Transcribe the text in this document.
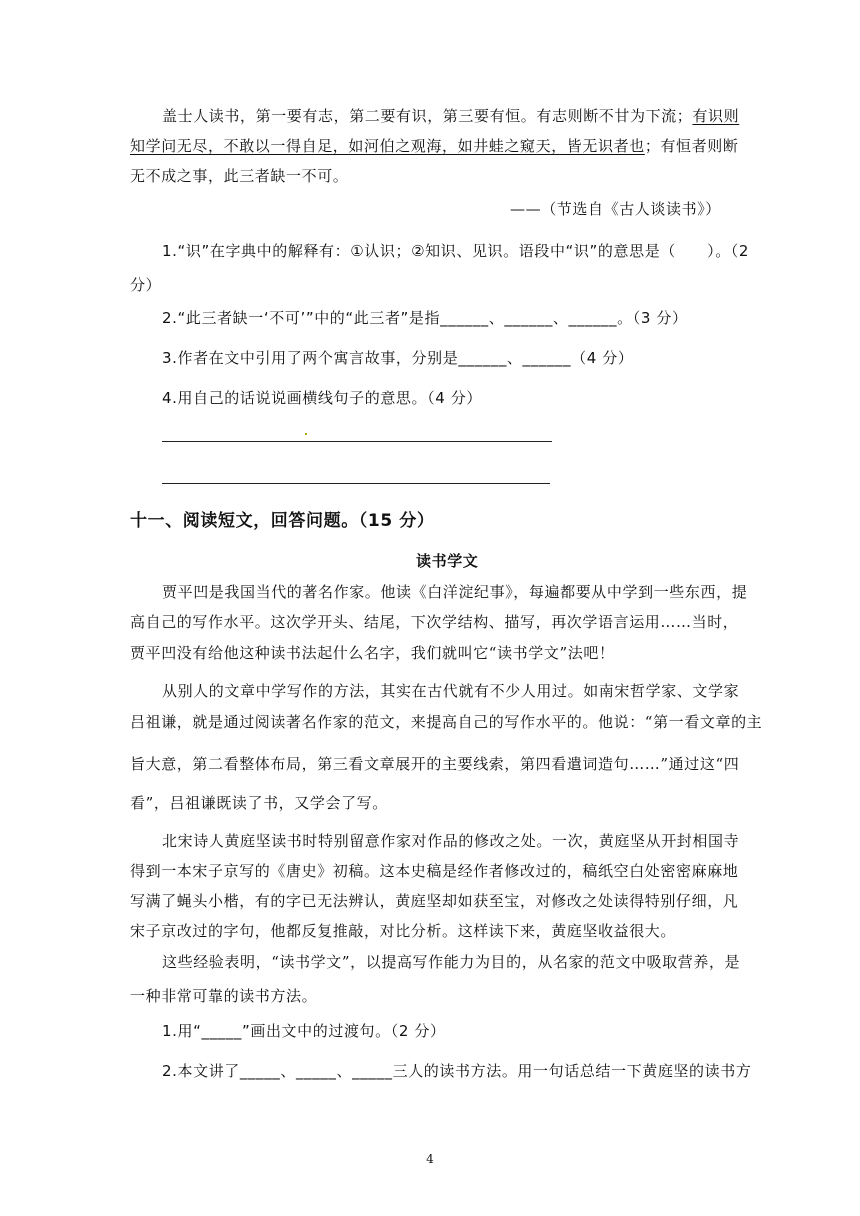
盖士人读书，第一要有志，第二要有识，第三要有恒。有志则断不甘为下流；有识则
知学问无尽，不敢以一得自足，如河伯之观海，如井蛙之窥天，皆无识者也；有恒者则断
无不成之事，此三者缺一不可。
——（节选自《古人谈读书》）
1.“识”在字典中的解释有：①认识；②知识、见识。语段中“识”的意思是（　　）。（2
分）
2.“此三者缺一‘不可’”中的“此三者”是指______、______、______。（3 分）
3.作者在文中引用了两个寓言故事，分别是______、______（4 分）
4.用自己的话说说画横线句子的意思。（4 分）
十一、阅读短文，回答问题。（15 分）
读书学文
贾平凹是我国当代的著名作家。他读《白洋淀纪事》，每遍都要从中学到一些东西，提
高自己的写作水平。这次学开头、结尾，下次学结构、描写，再次学语言运用……当时，
贾平凹没有给他这种读书法起什么名字，我们就叫它“读书学文”法吧！
从别人的文章中学写作的方法，其实在古代就有不少人用过。如南宋哲学家、文学家
吕祖谦，就是通过阅读著名作家的范文，来提高自己的写作水平的。他说：“第一看文章的主
旨大意，第二看整体布局，第三看文章展开的主要线索，第四看遣词造句……”通过这“四
看”，吕祖谦既读了书，又学会了写。
北宋诗人黄庭坚读书时特别留意作家对作品的修改之处。一次，黄庭坚从开封相国寺
得到一本宋子京写的《唐史》初稿。这本史稿是经作者修改过的，稿纸空白处密密麻麻地
写满了蝇头小楷，有的字已无法辨认，黄庭坚却如获至宝，对修改之处读得特别仔细，凡
宋子京改过的字句，他都反复推敲，对比分析。这样读下来，黄庭坚收益很大。
这些经验表明，“读书学文”，以提高写作能力为目的，从名家的范文中吸取营养，是
一种非常可靠的读书方法。
1.用“_____”画出文中的过渡句。（2 分）
2.本文讲了_____、_____、_____三人的读书方法。用一句话总结一下黄庭坚的读书方
4
